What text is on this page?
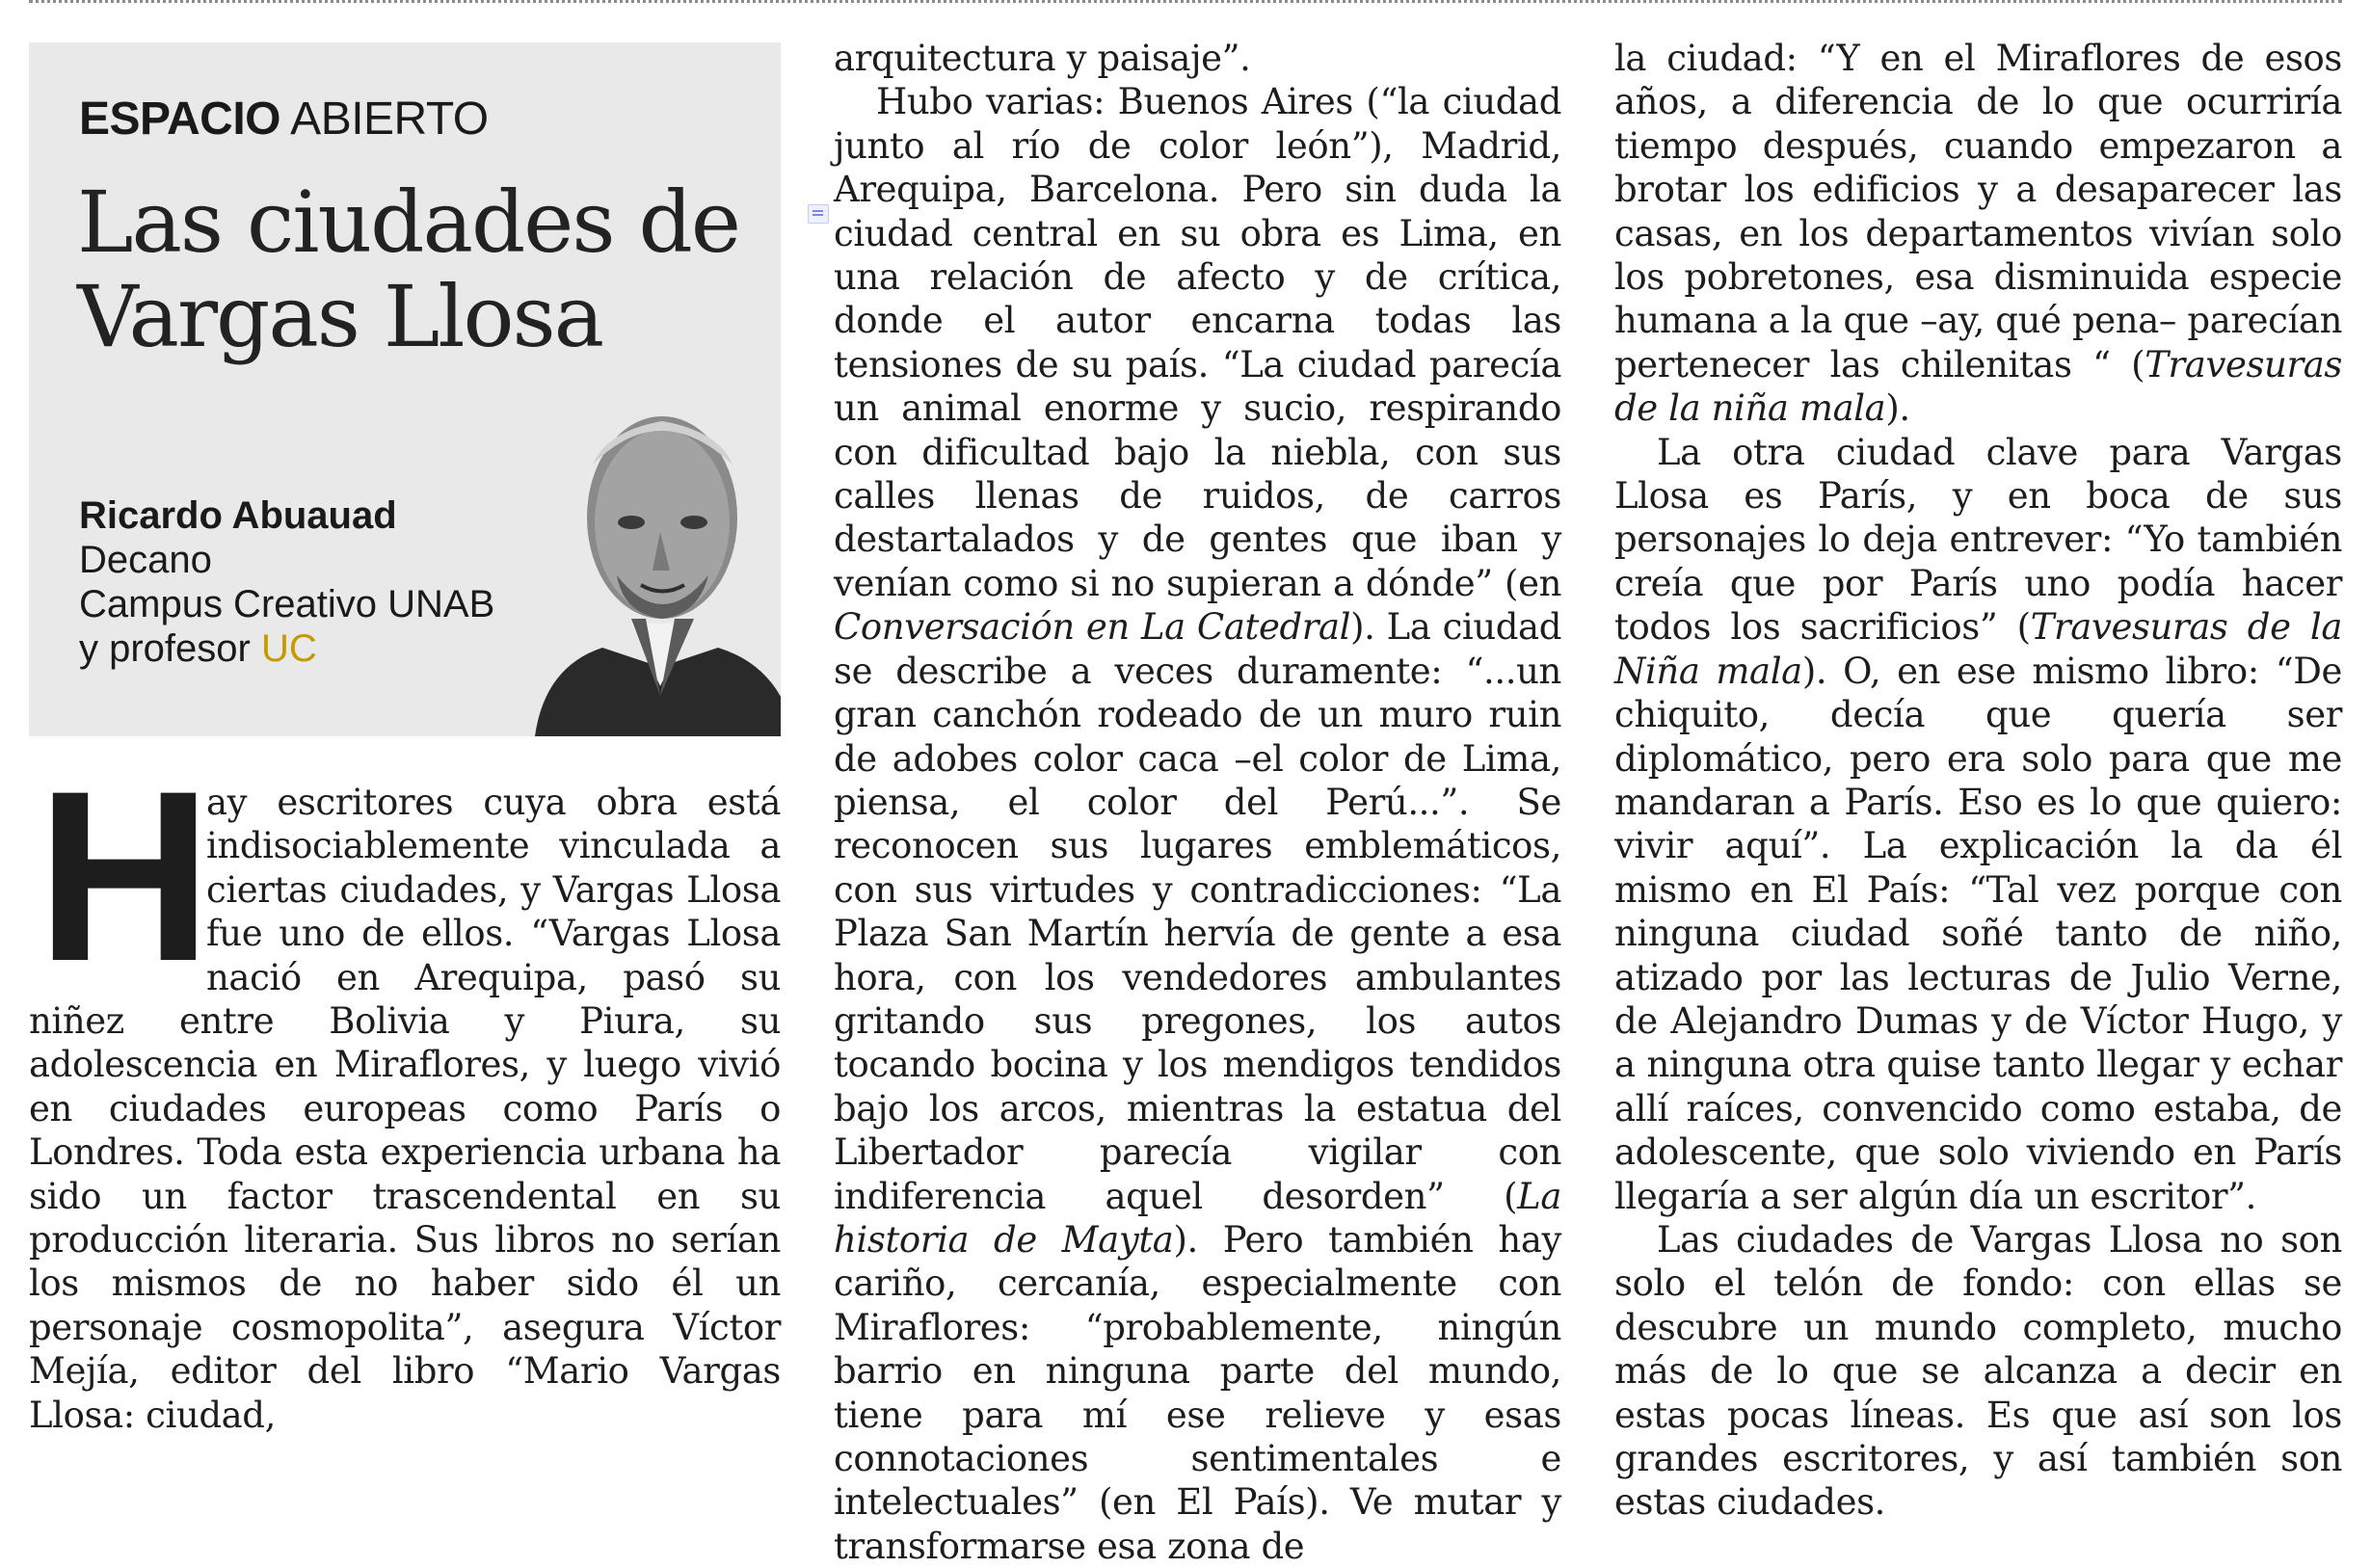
ESPACIO ABIERTO
Las ciudades de
Vargas Llosa
Ricardo Abuauad
Decano
Campus Creativo UNAB
y profesor UC

H
ay escritores cuya obra está indisociablemente vinculada a ciertas ciudades, y Vargas Llosa fue uno de ellos. “Vargas Llosa nació en Arequipa, pasó su niñez entre Bolivia y Piura, su adolescencia en Miraflores, y luego vivió en ciudades europeas como París o Londres. Toda esta experiencia urbana ha sido un factor trascendental en su producción literaria. Sus libros no serían los mismos de no haber sido él un personaje cosmopolita”, asegura Víctor Mejía, editor del libro “Mario Vargas Llosa: ciudad,

arquitectura y paisaje”.

Hubo varias: Buenos Aires (“la ciudad junto al río de color león”), Madrid, Arequipa, Barcelona. Pero sin duda la ciudad central en su obra es Lima, en una relación de afecto y de crítica, donde el autor encarna todas las tensiones de su país. “La ciudad parecía un animal enorme y sucio, respirando con dificultad bajo la niebla, con sus calles llenas de ruidos, de carros destartalados y de gentes que iban y venían como si no supieran a dónde” (en Conversación en La Catedral). La ciudad se describe a veces duramente: “...un gran canchón rodeado de un muro ruin de adobes color caca –el color de Lima, piensa, el color del Perú...”. Se reconocen sus lugares emblemáticos, con sus virtudes y contradicciones: “La Plaza San Martín hervía de gente a esa hora, con los vendedores ambulantes gritando sus pregones, los autos tocando bocina y los mendigos tendidos bajo los arcos, mientras la estatua del Libertador parecía vigilar con indiferencia aquel desorden” (La historia de Mayta). Pero también hay cariño, cercanía, especialmente con Miraflores: “probablemente, ningún barrio en ninguna parte del mundo, tiene para mí ese relieve y esas connotaciones sentimentales e intelectuales” (en El País). Ve mutar y transformarse esa zona de

la ciudad: “Y en el Miraflores de esos años, a diferencia de lo que ocurriría tiempo después, cuando empezaron a brotar los edificios y a desaparecer las casas, en los departamentos vivían solo los pobretones, esa disminuida especie humana a la que –ay, qué pena– parecían pertenecer las chilenitas “ (Travesuras de la niña mala).

La otra ciudad clave para Vargas Llosa es París, y en boca de sus personajes lo deja entrever: “Yo también creía que por París uno podía hacer todos los sacrificios” (Travesuras de la Niña mala). O, en ese mismo libro: “De chiquito, decía que quería ser diplomático, pero era solo para que me mandaran a París. Eso es lo que quiero: vivir aquí”. La explicación la da él mismo en El País: “Tal vez porque con ninguna ciudad soñé tanto de niño, atizado por las lecturas de Julio Verne, de Alejandro Dumas y de Víctor Hugo, y a ninguna otra quise tanto llegar y echar allí raíces, convencido como estaba, de adolescente, que solo viviendo en París llegaría a ser algún día un escritor”.

Las ciudades de Vargas Llosa no son solo el telón de fondo: con ellas se descubre un mundo completo, mucho más de lo que se alcanza a decir en estas pocas líneas. Es que así son los grandes escritores, y así también son estas ciudades.
